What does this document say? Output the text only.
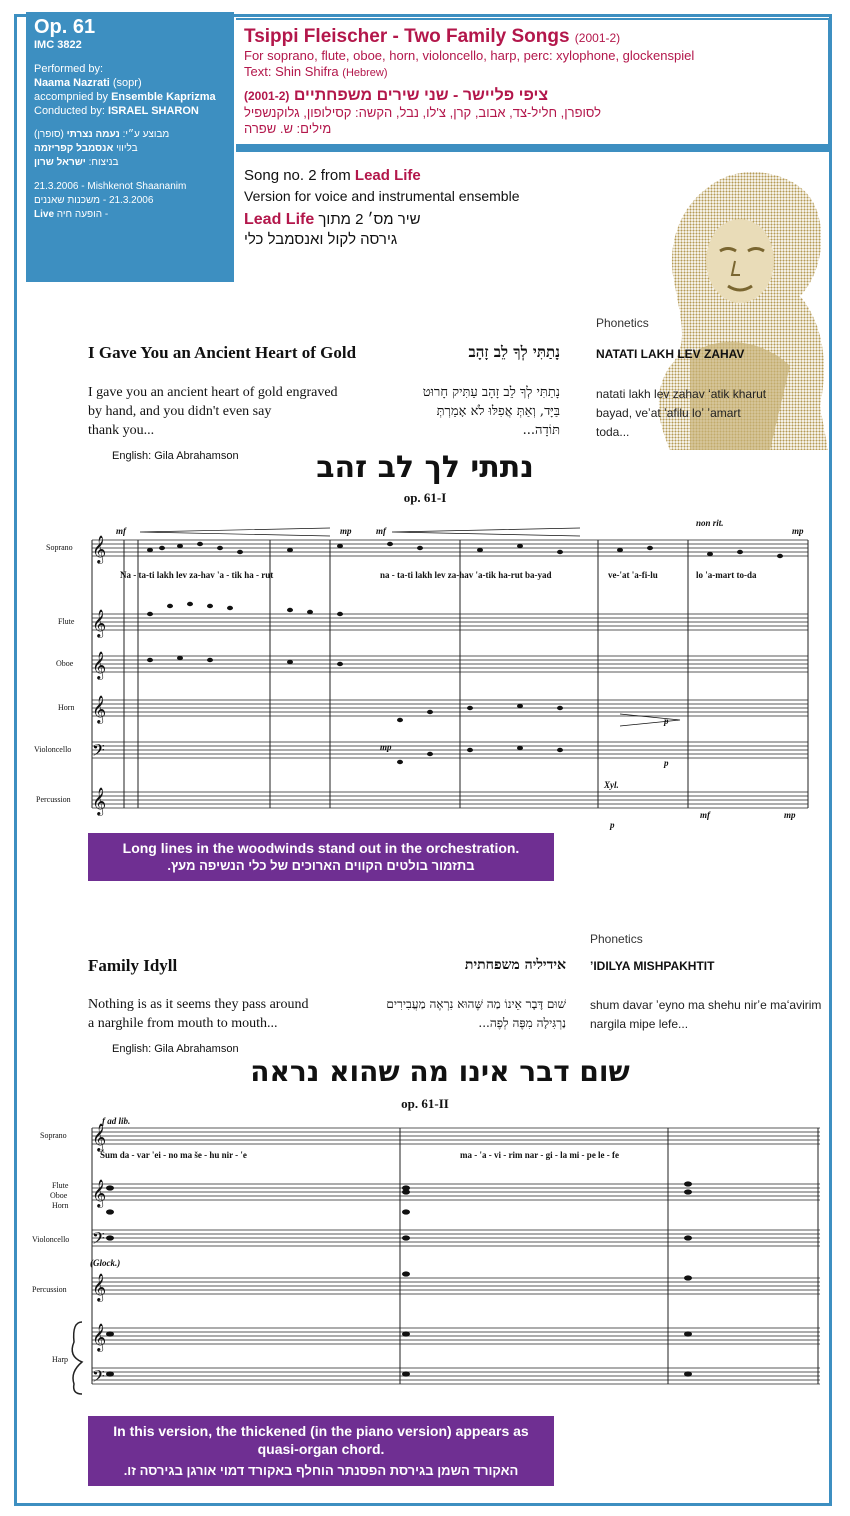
Op. 61
IMC 3822
Performed by:
Naama Nazrati (sopr)
accompnied by Ensemble Kaprizma
Conducted by: ISRAEL SHARON
מבוצע ע״י: נעמה נצרתי (סופרן)
בליווי אנסמבל קפריזמה
בניצוח: ישראל שרון
21.3.2006 - Mishkenot Shaananim
21.3.2006 - משכנות שאננים
Live - הופעה חיה
Tsippi Fleischer - Two Family Songs (2001-2)
For soprano, flute, oboe, horn, violoncello, harp, perc: xylophone, glockenspiel
Text: Shin Shifra (Hebrew)
ציפי פליישר - שני שירים משפחתיים (2001-2)
לסופרן, חליל-צד, אבוב, קרן, צ'לו, נבל, הקשה: קסילופון, גלוקנשפיל
מילים: ש. שפרה
Song no. 2 from Lead Life
Version for voice and instrumental ensemble
Lead Life שיר מס׳ 2 מתוך
גירסה לקול ואנסמבל כלי
Phonetics
I Gave You an Ancient Heart of Gold	נָתַתִּי לְךָ לֵב זָהָב	NATATI LAKH LEV ZAHAV
I gave you an ancient heart of gold engraved
by hand, and you didn't even say
thank you...
נָתַתִּי לְךָ לֵב זָהָב עַתִּיק חָרוּט
בַּיָּד, וְאַתְּ אֲפִלּוּ לֹא אָמַרְתְּ
תּוֹדָה...
natati lakh lev zahav ʻatik kharut
bayad, veʼat ʼafilu loʼ ʼamart
toda...
English: Gila Abrahamson	נתתי לך לב זהב
op. 61-I
𝄞
𝄞
𝄞
𝄞
𝄞
𝄢
Soprano
Flute
Oboe
Horn
Violoncello
Percussion
Na - ta-ti lakh lev za-hav 'a - tik ha - rut	na - ta-ti lakh lev za-hav 'a-tik ha-rut ba-yad	ve-'at 'a-fi-lu	lo 'a-mart to-da
mf	mp	mf
non rit.
mp
Xyl.
mp
p
mf	mp
p
p
Long lines in the woodwinds stand out in the orchestration.
בתזמור בולטים הקווים הארוכים של כלי הנשיפה מעץ.
Phonetics
Family Idyll	אידיליה משפחתית ʼIDILYA MISHPAKHTIT
Nothing is as it seems they pass around
a narghile from mouth to mouth...
שׁוּם דָּבָר אֵינוֹ מַה שֶּׁהוּא נִרְאֶה מַעֲבִירִים
נַרְגִּילָה מִפֶּה לְפֶה...
shum davar ʼeyno ma shehu nirʼe maʻavirim
nargila mipe lefe...
English: Gila Abrahamson
שום דבר אינו מה שהוא נראה
op. 61-II
𝄞
𝄞
𝄞
𝄞
𝄢
𝄢
Soprano
Flute
Oboe
Horn
Violoncello
Percussion
Harp
Šum da - var 'ei - no ma še - hu nir - 'e	ma - 'a - vi - rim nar - gi - la mi - pe le - fe
f ad lib.
(Glock.)
In this version, the thickened (in the piano version) appears as quasi-organ chord.
האקורד השמן בגירסת הפסנתר הוחלף באקורד דמוי אורגן בגירסה זו.
